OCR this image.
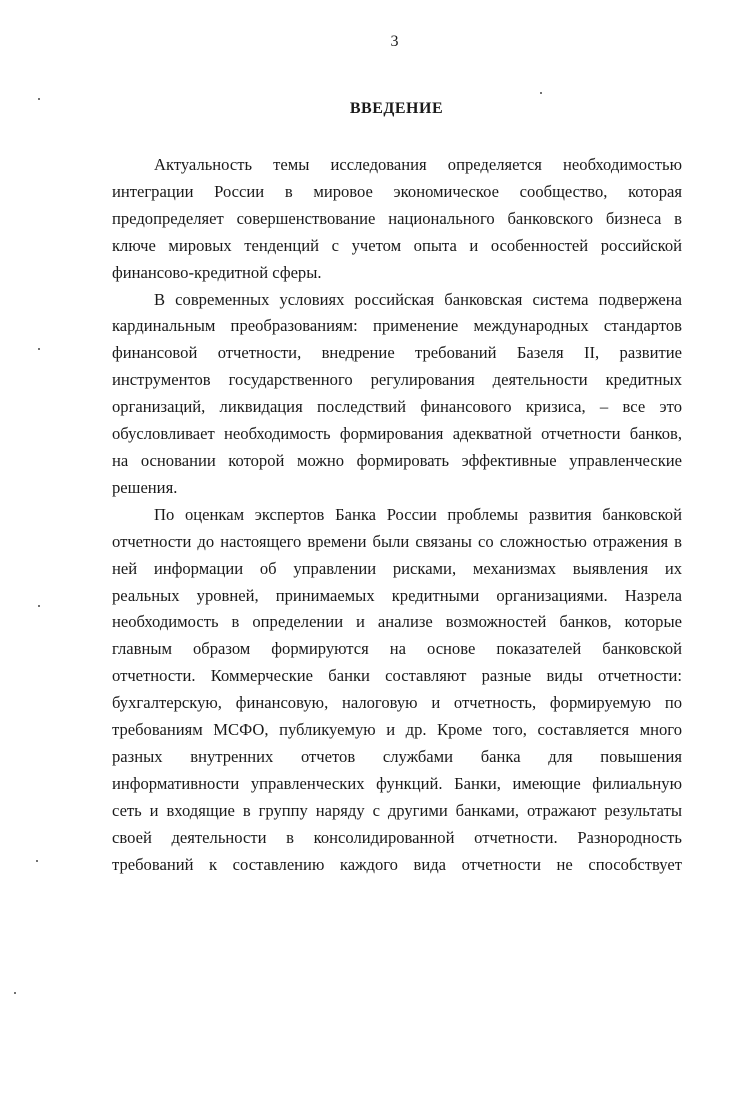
3
ВВЕДЕНИЕ
Актуальность темы исследования определяется необходимостью
интеграции России в мировое экономическое сообщество, которая
предопределяет совершенствование национального банковского бизнеса в
ключе мировых тенденций с учетом опыта и особенностей российской
финансово-кредитной сферы.
В современных условиях российская банковская система подвержена
кардинальным преобразованиям: применение международных стандартов
финансовой отчетности, внедрение требований Базеля II, развитие
инструментов государственного регулирования деятельности кредитных
организаций, ликвидация последствий финансового кризиса, – все это
обусловливает необходимость формирования адекватной отчетности банков,
на основании которой можно формировать эффективные управленческие
решения.
По оценкам экспертов Банка России проблемы развития банковской
отчетности до настоящего времени были связаны со сложностью отражения в
ней информации об управлении рисками, механизмах выявления их
реальных уровней, принимаемых кредитными организациями. Назрела
необходимость в определении и анализе возможностей банков, которые
главным образом формируются на основе показателей банковской
отчетности. Коммерческие банки составляют разные виды отчетности:
бухгалтерскую, финансовую, налоговую и отчетность, формируемую по
требованиям МСФО, публикуемую и др. Кроме того, составляется много
разных внутренних отчетов службами банка для повышения
информативности управленческих функций. Банки, имеющие филиальную
сеть и входящие в группу наряду с другими банками, отражают результаты
своей деятельности в консолидированной отчетности. Разнородность
требований к составлению каждого вида отчетности не способствует
